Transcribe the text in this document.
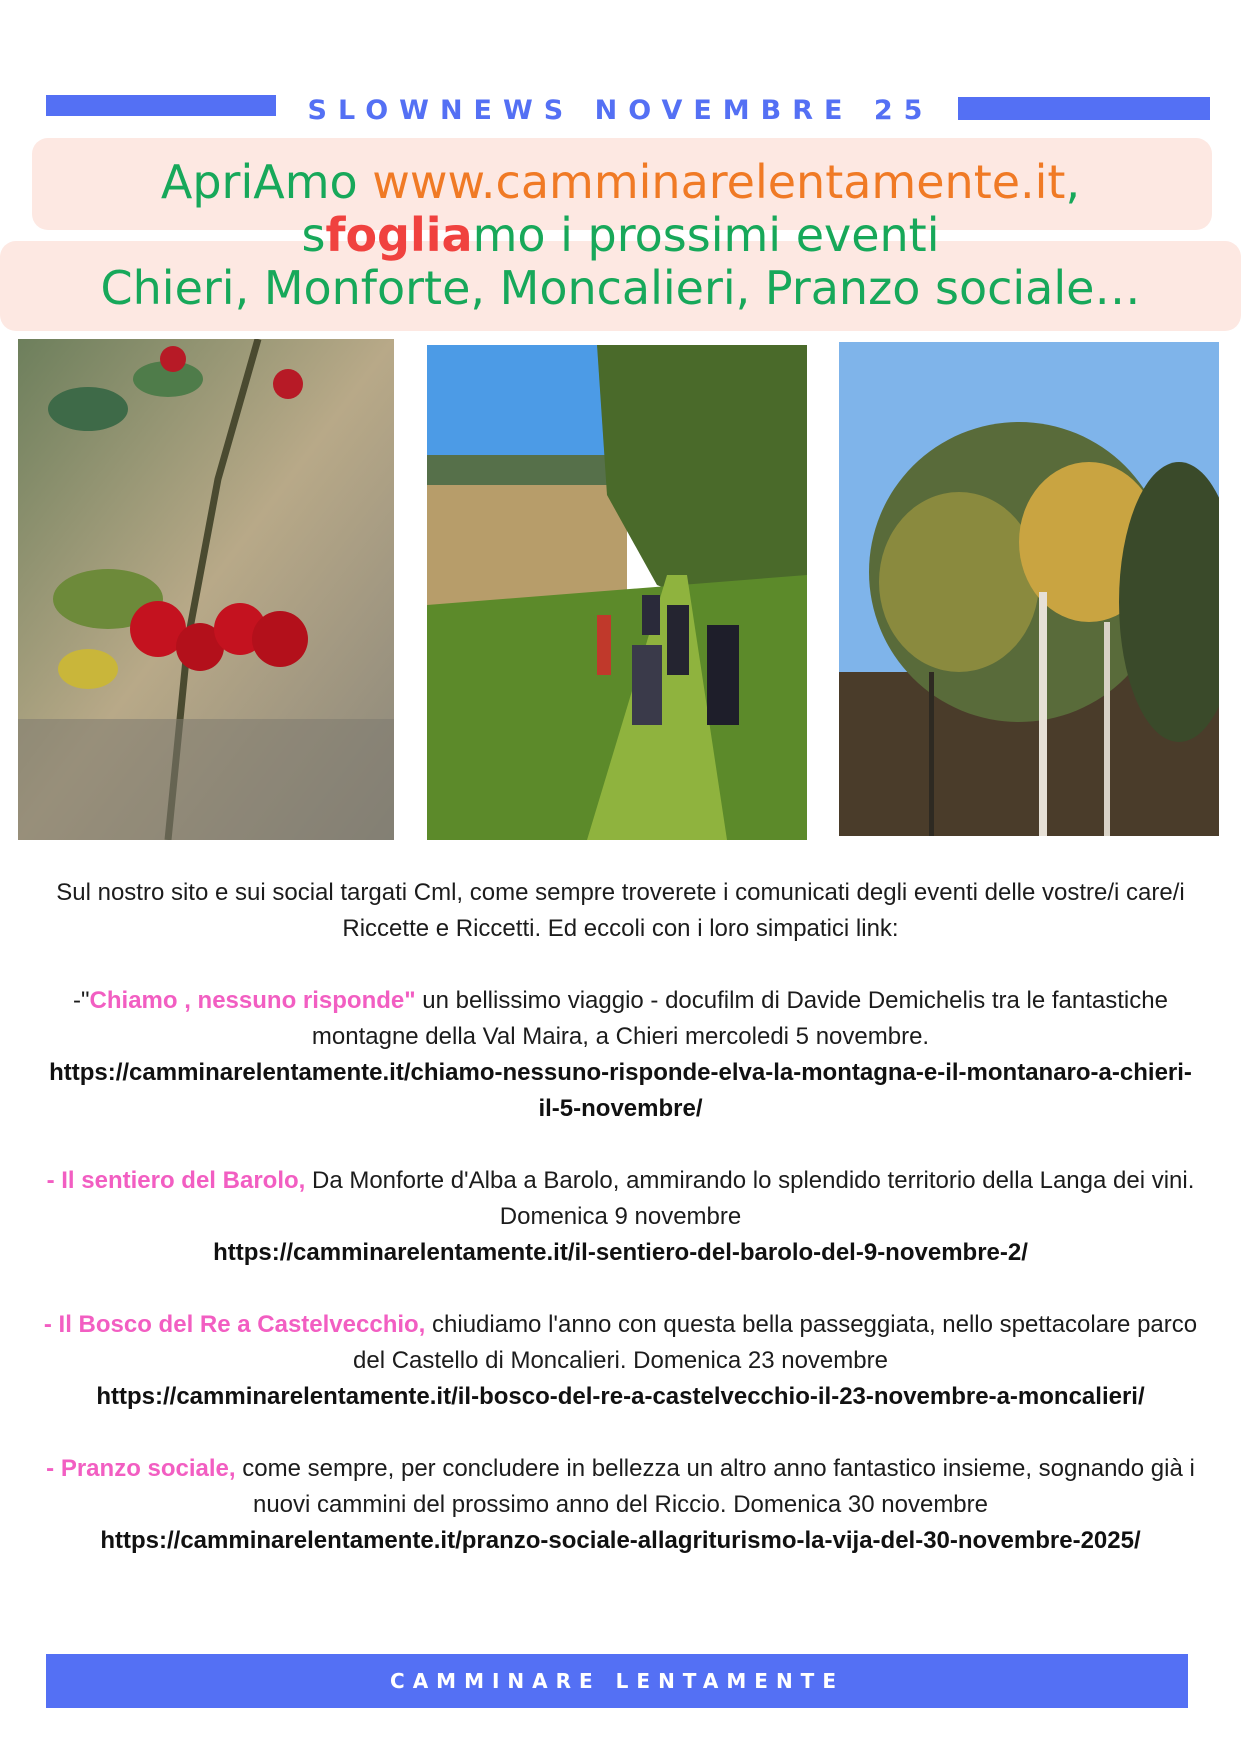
SLOWNEWS NOVEMBRE 25
ApriAmo www.camminarelentamente.it,
sfogliamo i prossimi eventi
Chieri, Monforte, Moncalieri, Pranzo sociale…

Sul nostro sito e sui social targati Cml, come sempre troverete i comunicati degli eventi delle vostre/i care/i Riccette e Riccetti. Ed eccoli con i loro simpatici link:

-"Chiamo , nessuno risponde" un bellissimo viaggio - docufilm di Davide Demichelis tra le fantastiche montagne della Val Maira, a Chieri mercoledi 5 novembre.

https://camminarelentamente.it/chiamo-nessuno-risponde-elva-la-montagna-e-il-montanaro-a-chieri-il-5-novembre/

- Il sentiero del Barolo, Da Monforte d'Alba a Barolo, ammirando lo splendido territorio della Langa dei vini. Domenica 9 novembre

https://camminarelentamente.it/il-sentiero-del-barolo-del-9-novembre-2/

- Il Bosco del Re a Castelvecchio, chiudiamo l'anno con questa bella passeggiata, nello spettacolare parco del Castello di Moncalieri. Domenica 23 novembre

https://camminarelentamente.it/il-bosco-del-re-a-castelvecchio-il-23-novembre-a-moncalieri/

- Pranzo sociale, come sempre, per concludere in bellezza un altro anno fantastico insieme, sognando già i nuovi cammini del prossimo anno del Riccio. Domenica 30 novembre

https://camminarelentamente.it/pranzo-sociale-allagriturismo-la-vija-del-30-novembre-2025/

CAMMINARE LENTAMENTE
